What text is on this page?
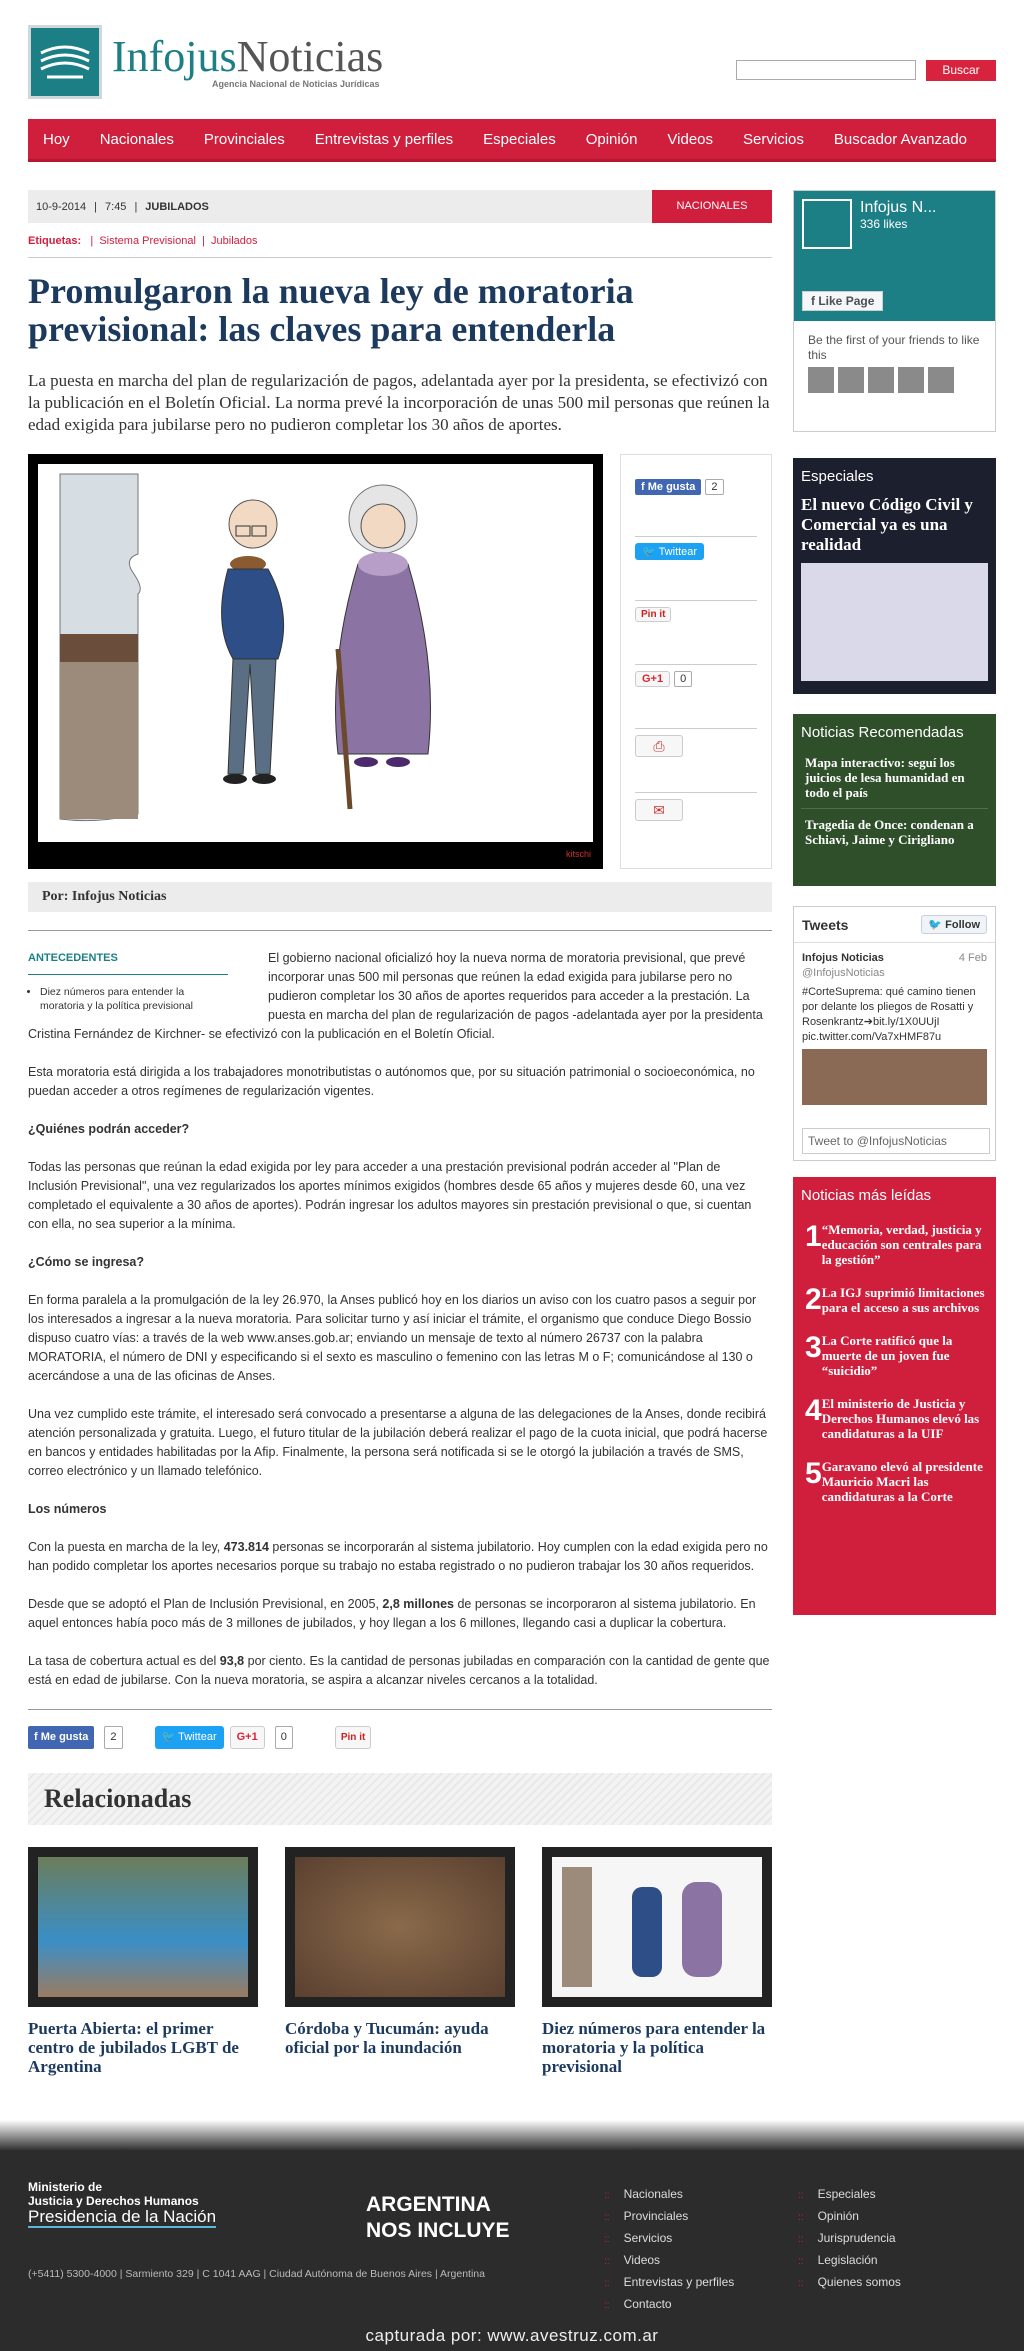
InfojusNoticias
Agencia Nacional de Noticias Jurídicas
Buscar
Hoy	Nacionales	Provinciales	Entrevistas y perfiles	Especiales	Opinión	Videos	Servicios	Buscador Avanzado
10-9-2014 | 7:45 | JUBILADOS	NACIONALES
Etiquetas:   |  Sistema Previsional  |  Jubilados
Promulgaron la nueva ley de moratoria previsional: las claves para entenderla

La puesta en marcha del plan de regularización de pagos, adelantada ayer por la presidenta, se efectivizó con la publicación en el Boletín Oficial. La norma prevé la incorporación de unas 500 mil personas que reúnen la edad exigida para jubilarse pero no pudieron completar los 30 años de aportes.

kitschi
f Me gusta	2
🐦 Twittear
Pin it
G+1	0
⎙
✉
Por: Infojus Noticias
ANTECEDENTES
• Diez números para entender la moratoria y la política previsional

El gobierno nacional oficializó hoy la nueva norma de moratoria previsional, que prevé incorporar unas 500 mil personas que reúnen la edad exigida para jubilarse pero no pudieron completar los 30 años de aportes requeridos para acceder a la prestación. La puesta en marcha del plan de regularización de pagos -adelantada ayer por la presidenta Cristina Fernández de Kirchner- se efectivizó con la publicación en el Boletín Oficial.

Esta moratoria está dirigida a los trabajadores monotributistas o autónomos que, por su situación patrimonial o socioeconómica, no puedan acceder a otros regímenes de regularización vigentes.

¿Quiénes podrán acceder?

Todas las personas que reúnan la edad exigida por ley para acceder a una prestación previsional podrán acceder al "Plan de Inclusión Previsional", una vez regularizados los aportes mínimos exigidos (hombres desde 65 años y mujeres desde 60, una vez completado el equivalente a 30 años de aportes). Podrán ingresar los adultos mayores sin prestación previsional o que, si cuentan con ella, no sea superior a la mínima.

¿Cómo se ingresa?

En forma paralela a la promulgación de la ley 26.970, la Anses publicó hoy en los diarios un aviso con los cuatro pasos a seguir por los interesados a ingresar a la nueva moratoria. Para solicitar turno y así iniciar el trámite, el organismo que conduce Diego Bossio dispuso cuatro vías: a través de la web www.anses.gob.ar; enviando un mensaje de texto al número 26737 con la palabra MORATORIA, el número de DNI y especificando si el sexto es masculino o femenino con las letras M o F; comunicándose al 130 o acercándose a una de las oficinas de Anses.

Una vez cumplido este trámite, el interesado será convocado a presentarse a alguna de las delegaciones de la Anses, donde recibirá atención personalizada y gratuita. Luego, el futuro titular de la jubilación deberá realizar el pago de la cuota inicial, que podrá hacerse en bancos y entidades habilitadas por la Afip. Finalmente, la persona será notificada si se le otorgó la jubilación a través de SMS, correo electrónico y un llamado telefónico.

Los números

Con la puesta en marcha de la ley, 473.814 personas se incorporarán al sistema jubilatorio. Hoy cumplen con la edad exigida pero no han podido completar los aportes necesarios porque su trabajo no estaba registrado o no pudieron trabajar los 30 años requeridos.

Desde que se adoptó el Plan de Inclusión Previsional, en 2005, 2,8 millones de personas se incorporaron al sistema jubilatorio. En aquel entonces había poco más de 3 millones de jubilados, y hoy llegan a los 6 millones, llegando casi a duplicar la cobertura.

La tasa de cobertura actual es del 93,8 por ciento. Es la cantidad de personas jubiladas en comparación con la cantidad de gente que está en edad de jubilarse. Con la nueva moratoria, se aspira a alcanzar niveles cercanos a la totalidad.

f Me gusta	2	🐦 Twittear	G+1	0	Pin it
Relacionadas
Puerta Abierta: el primer centro de jubilados LGBT de Argentina
Córdoba y Tucumán: ayuda oficial por la inundación
Diez números para entender la moratoria y la política previsional
Infojus N...
336 likes
f Like Page
Be the first of your friends to like this
Especiales
El nuevo Código Civil y Comercial ya es una realidad
Noticias Recomendadas
Mapa interactivo: seguí los juicios de lesa humanidad en todo el país
Tragedia de Once: condenan a Schiavi, Jaime y Cirigliano
Tweets	🐦 Follow
4 Feb
Infojus Noticias
@InfojusNoticias
#CorteSuprema: qué camino tienen por delante los pliegos de Rosatti y Rosenkrantz➔bit.ly/1X0UUjI pic.twitter.com/Va7xHMF87u
Tweet to @InfojusNoticias
Noticias más leídas
1 “Memoria, verdad, justicia y educación son centrales para la gestión”
2 La IGJ suprimió limitaciones para el acceso a sus archivos
3 La Corte ratificó que la muerte de un joven fue “suicidio”
4 El ministerio de Justicia y Derechos Humanos elevó las candidaturas a la UIF
5 Garavano elevó al presidente Mauricio Macri las candidaturas a la Corte
Ministerio de
Justicia y Derechos Humanos
Presidencia de la Nación
ARGENTINA
NOS INCLUYE
(+5411) 5300-4000 | Sarmiento 329 | C 1041 AAG | Ciudad Autónoma de Buenos Aires | Argentina
:: Nacionales
:: Provinciales
:: Servicios
:: Videos
:: Entrevistas y perfiles
:: Contacto
:: Especiales
:: Opinión
:: Jurisprudencia
:: Legislación
:: Quienes somos
capturada por: www.avestruz.com.ar
